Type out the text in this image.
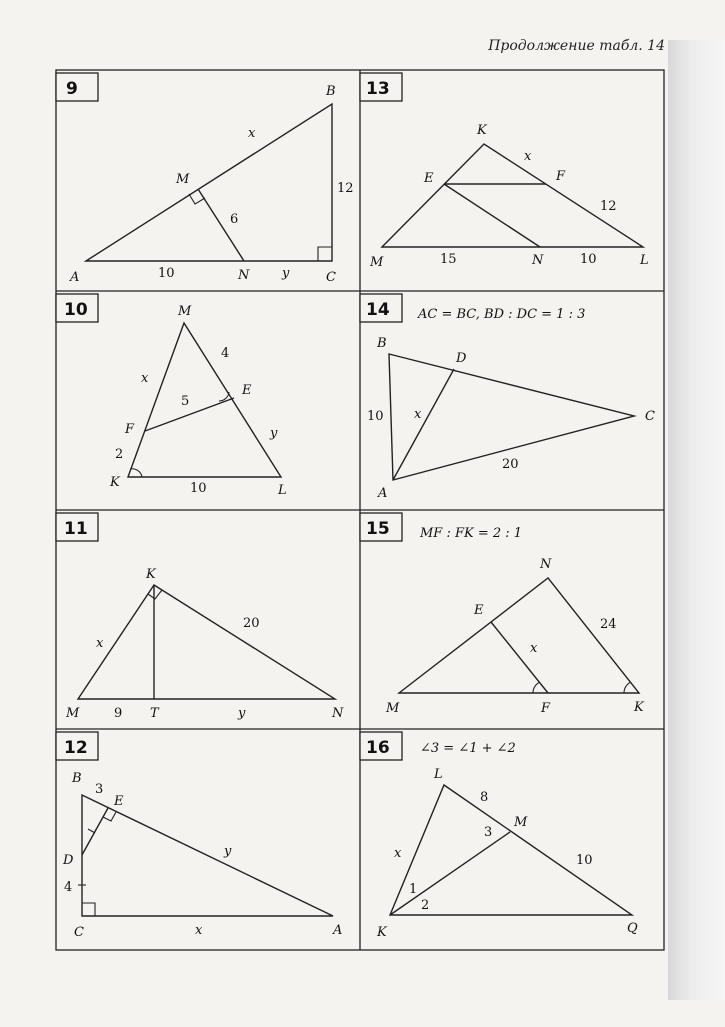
Продолжение табл. 14
9	13
10	14
11	15
12	16
AC = BC, BD : DC = 1 : 3
MF : FK = 2 : 1
∠3 = ∠1 + ∠2
A
B
C
M
N
x
6
12
10	y
K
E	F
M	N	L
x
12
15	10
M
E
F
K
L
x
4
5
y
2
10
B
D
C
A
10 x
20
K
M	T	N
x
20
9	y
N
E
M	F	K
x
24
B
E
D
C	A
3
y
4
x
L
M
K	Q
8
3
x	10
1
2
